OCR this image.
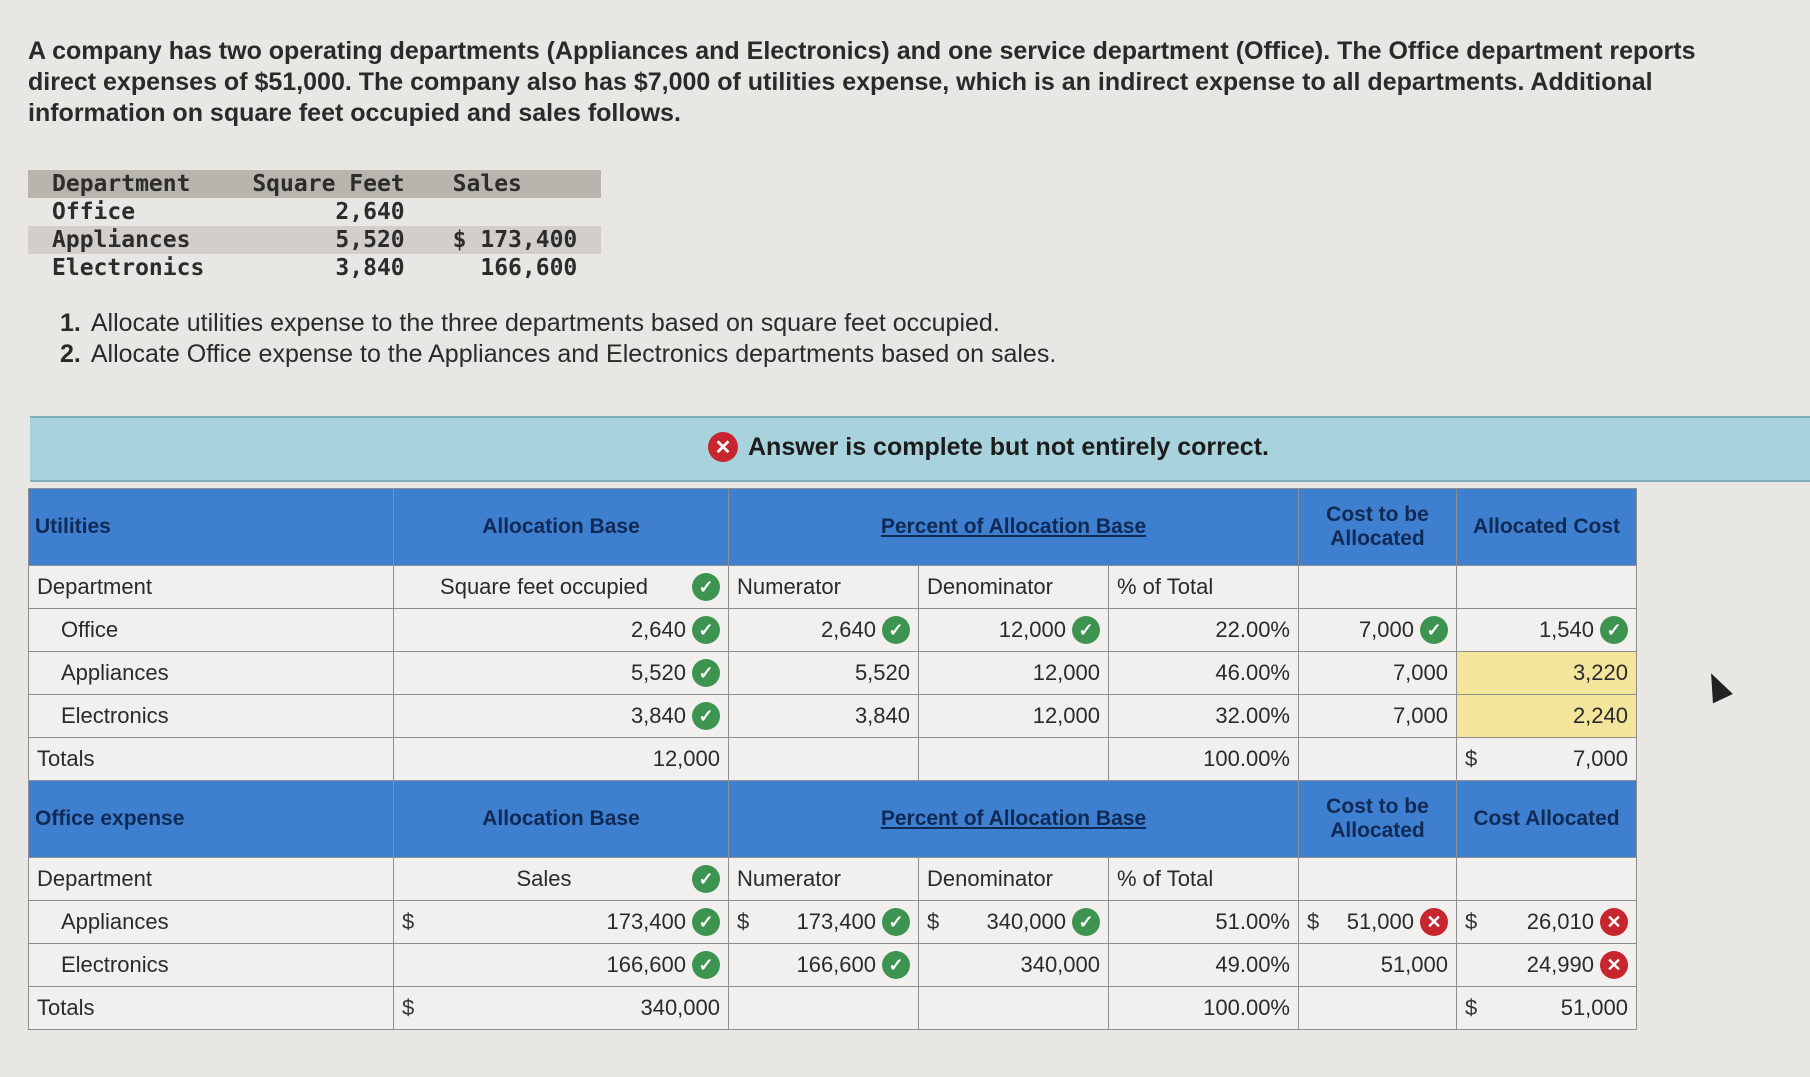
A company has two operating departments (Appliances and Electronics) and one service department (Office). The Office department reports direct expenses of $51,000. The company also has $7,000 of utilities expense, which is an indirect expense to all departments. Additional information on square feet occupied and sales follows.

Department	Square Feet	Sales
Office	2,640	
Appliances	5,520	$ 173,400
Electronics	3,840	166,600
1. Allocate utilities expense to the three departments based on square feet occupied.
2. Allocate Office expense to the Appliances and Electronics departments based on sales.
✕ Answer is complete but not entirely correct.
Utilities	Allocation Base	Percent of Allocation Base			Cost to be Allocated	Allocated Cost
Department	Square feet occupied ✓	Numerator	Denominator	% of Total		
Office	2,640 ✓	2,640 ✓	12,000 ✓	22.00%	7,000 ✓	1,540 ✓

Appliances	5,520 ✓	5,520	12,000	46.00%	7,000	3,220
Electronics	3,840 ✓	3,840	12,000	32.00%	7,000	2,240
Totals	12,000			100.00%		$ 7,000

Office expense	Allocation Base	Percent of Allocation Base			Cost to be Allocated	Cost Allocated
Department	Sales ✓	Numerator	Denominator	% of Total		
Appliances	$ 173,400 ✓	$ 173,400 ✓	$ 340,000 ✓	51.00%	$ 51,000 ✕	$ 26,010 ✕

Electronics	166,600 ✓	166,600 ✓	340,000	49.00%	51,000	24,990 ✕

Totals	$ 340,000			100.00%		$ 51,000
